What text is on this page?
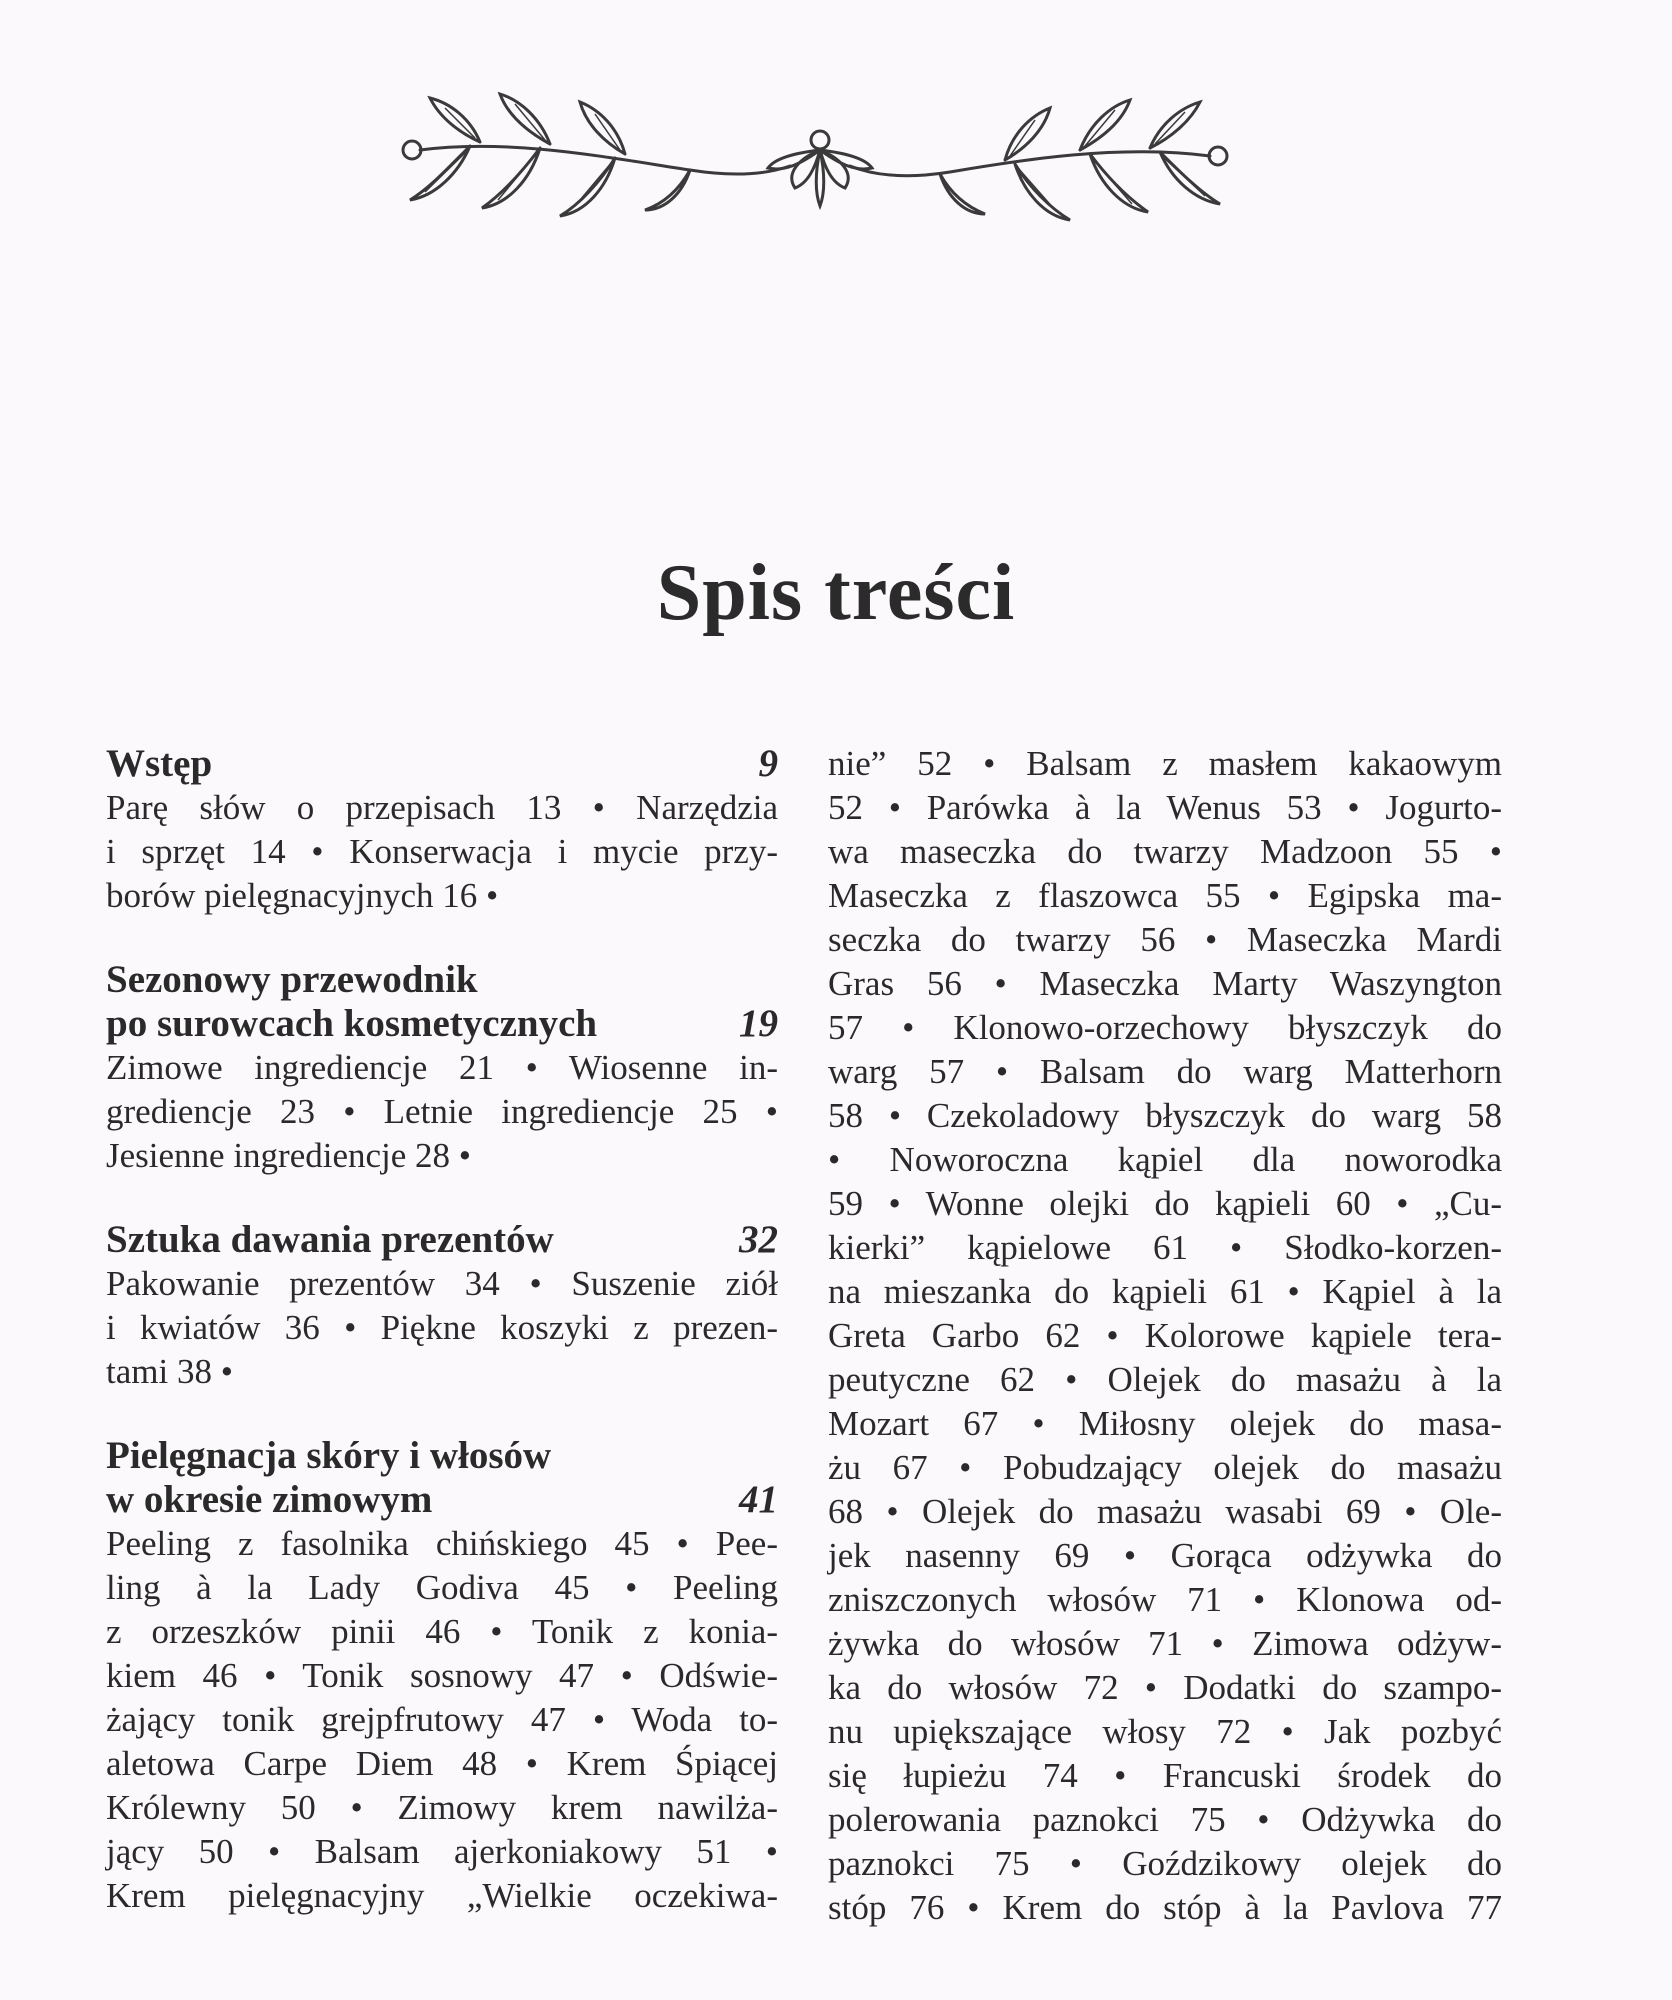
Spis treści
Wstęp	9
Parę słów o przepisach 13 • Narzędzia
i sprzęt 14 • Konserwacja i mycie przy-
borów pielęgnacyjnych 16 •
Sezonowy przewodnik
po surowcach kosmetycznych	19
Zimowe ingrediencje 21 • Wiosenne in-
grediencje 23 • Letnie ingrediencje 25 •
Jesienne ingrediencje 28 •
Sztuka dawania prezentów	32
Pakowanie prezentów 34 • Suszenie ziół
i kwiatów 36 • Piękne koszyki z prezen-
tami 38 •
Pielęgnacja skóry i włosów
w okresie zimowym	41
Peeling z fasolnika chińskiego 45 • Pee-
ling à la Lady Godiva 45 • Peeling
z orzeszków pinii 46 • Tonik z konia-
kiem 46 • Tonik sosnowy 47 • Odświe-
żający tonik grejpfrutowy 47 • Woda to-
aletowa Carpe Diem 48 • Krem Śpiącej
Królewny 50 • Zimowy krem nawilża-
jący 50 • Balsam ajerkoniakowy 51 •
Krem pielęgnacyjny „Wielkie oczekiwa-
nie” 52 • Balsam z masłem kakaowym
52 • Parówka à la Wenus 53 • Jogurto-
wa maseczka do twarzy Madzoon 55 •
Maseczka z flaszowca 55 • Egipska ma-
seczka do twarzy 56 • Maseczka Mardi
Gras 56 • Maseczka Marty Waszyngton
57 • Klonowo-orzechowy błyszczyk do
warg 57 • Balsam do warg Matterhorn
58 • Czekoladowy błyszczyk do warg 58
• Noworoczna kąpiel dla noworodka
59 • Wonne olejki do kąpieli 60 • „Cu-
kierki” kąpielowe 61 • Słodko-korzen-
na mieszanka do kąpieli 61 • Kąpiel à la
Greta Garbo 62 • Kolorowe kąpiele tera-
peutyczne 62 • Olejek do masażu à la
Mozart 67 • Miłosny olejek do masa-
żu 67 • Pobudzający olejek do masażu
68 • Olejek do masażu wasabi 69 • Ole-
jek nasenny 69 • Gorąca odżywka do
zniszczonych włosów 71 • Klonowa od-
żywka do włosów 71 • Zimowa odżyw-
ka do włosów 72 • Dodatki do szampo-
nu upiększające włosy 72 • Jak pozbyć
się łupieżu 74 • Francuski środek do
polerowania paznokci 75 • Odżywka do
paznokci 75 • Goździkowy olejek do
stóp 76 • Krem do stóp à la Pavlova 77
